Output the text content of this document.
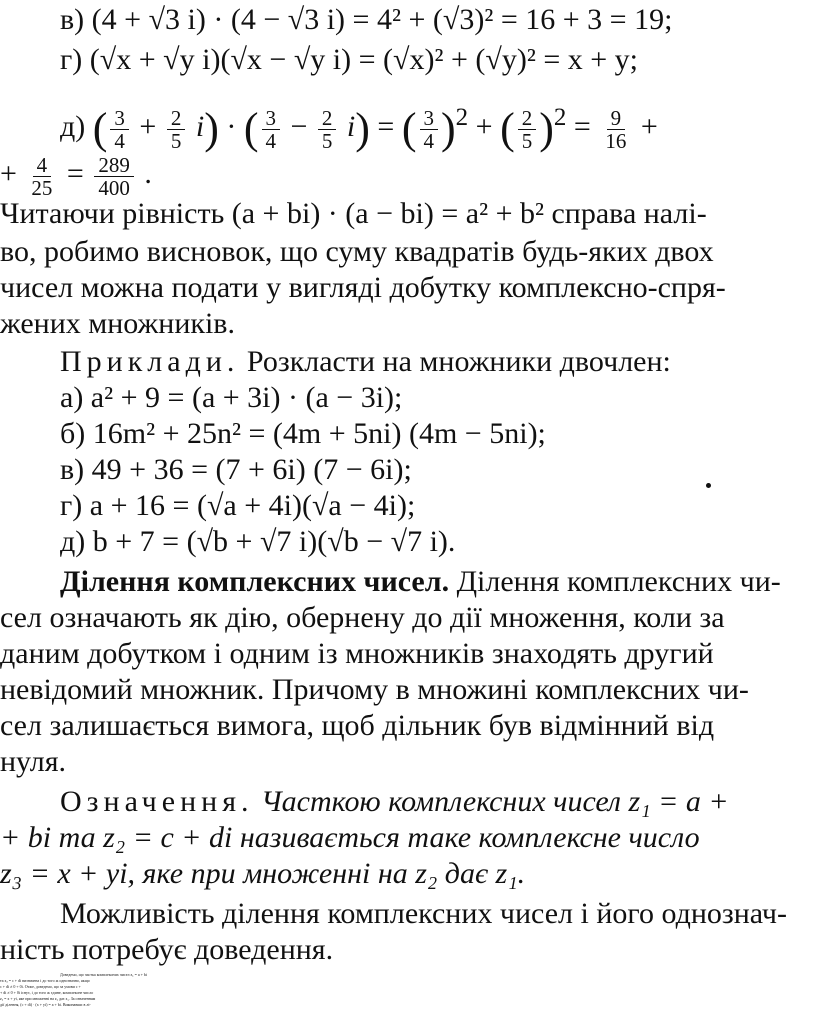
в) (4 + √3 i) · (4 − √3 i) = 4² + (√3)² = 16 + 3 = 19;
г) (√x + √y i)(√x − √y i) = (√x)² + (√y)² = x + y;
д) ( $\frac{3}{4} + \frac{2}{5} i$) · ( $\frac{3}{4} - \frac{2}{5} i$) = ( $\frac{3}{4} )^2$ + ( $\frac{2}{5} )^2 = \frac{9}{16}$ +
+ $\frac{4}{25} = \frac{289}{400}$ .
Читаючи рівність (a + bi) · (a − bi) = a² + b² справа налі-
во, робимо висновок, що суму квадратів будь-яких двох
чисел можна подати у вигляді добутку комплексно-спря-
жених множників.
Приклади. Розкласти на множники двочлен:
а) a² + 9 = (a + 3i) · (a − 3i);
б) 16m² + 25n² = (4m + 5ni) (4m − 5ni);
в) 49 + 36 = (7 + 6i) (7 − 6i);
г) a + 16 = (√a + 4i)(√a − 4i);
д) b + 7 = (√b + √7 i)(√b − √7 i).
Ділення комплексних чисел. Ділення комплексних чи-
сел означають як дію, обернену до дії множення, коли за
даним добутком і одним із множників знаходять другий
невідомий множник. Причому в множині комплексних чи-
сел залишається вимога, щоб дільник був відмінний від
нуля.
Означення. Часткою комплексних чисел z₁ = a +
+ bi та z₂ = c + di називається таке комплексне число
z₃ = x + yi, яке при множенні на z₂ дає z₁.
Можливість ділення комплексних чисел і його однознач-
ність потребує доведення.
Доведемо, що частка комплексних чисел z₁ = a + bi
та z₂ = c + di визначена і до того ж однозначно, якщо
c + di ≠ 0 + 0i. Отже, доведемо, що за умови c +
+ di ≠ 0 + 0i існує, і до того ж єдине, комплексне число
z₃ = x + yi, яке при множенні на z₂ дає z₁. За означенням
дії ділення, (c + di) · (x + yi) = a + bi. Виконавши в лі-
